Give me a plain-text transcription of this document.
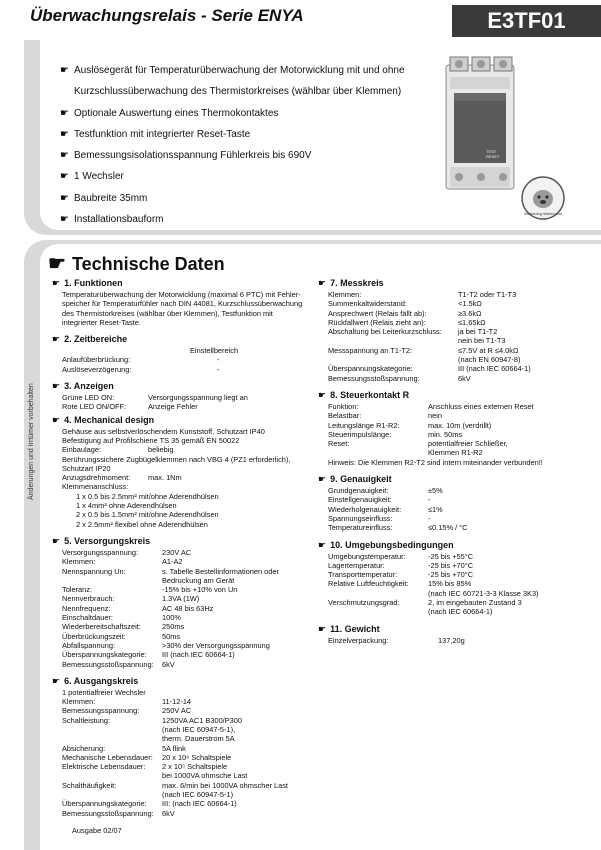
Überwachungsrelais - Serie ENYA	E3TF01
☛ Auslösegerät für Temperaturüberwachung der Motorwicklung mit und ohne
Kurzschlussüberwachung des Thermistorkreises (wählbar über Klemmen)
☛ Optionale Auswertung eines Thermokontaktes
☛ Testfunktion mit integrierter Reset-Taste
☛ Bemessungsisolationsspannung Fühlerkreis bis 690V
☛ 1 Wechsler
☛ Baubreite 35mm
☛ Installationsbauform
TEST
RESET
Watchdog-World.com
☛ Technische Daten
Änderungen und Irrtümer vorbehalten
☛ 1. Funktionen
Temperaturüberwachung der Motorwicklung (maximal 6 PTC) mit Fehler-
speicher für Temperaturfühler nach DIN 44081, Kurzschlussüberwachung
des Thermistorkreises (wählbar über Klemmen), Testfunktion mit
integrierter Reset-Taste.
☛ 2. Zeitbereiche
Einstellbereich
Anlaufüberbrückung:	-
Auslöseverzögerung:	-
☛ 3. Anzeigen
Grüne LED ON:	Versorgungsspannung liegt an
Rote LED ON/OFF:	Anzeige Fehler
☛ 4. Mechanical design
Gehäuse aus selbstverlöschendem Kunststoff, Schutzart IP40
Befestigung auf Profilschiene TS 35 gemäß EN 50022
Einbaulage:	beliebig
Berührungssichere Zugbügelklemmen nach VBG 4 (PZ1 erforderlich),
Schutzart IP20
Anzugsdrehmoment: max. 1Nm
Klemmenanschluss:
1 x 0.5 bis 2.5mm² mit/ohne Aderendhülsen
1 x 4mm² ohne Aderendhülsen
2 x 0.5 bis 1.5mm² mit/ohne Aderendhülsen
2 x 2.5mm² flexibel ohne Aderendhülsen
☛ 5. Versorgungskreis
Versorgungsspannung:	230V AC
Klemmen:	A1-A2
Nennspannung Un:	s. Tabelle Bestellinformationen oder
Bedruckung am Gerät

Toleranz:	-15% bis +10% von Un
Nennverbrauch:	1.3VA (1W)
Nennfrequenz:	AC 48 bis 63Hz
Einschaltdauer:	100%
Wiederbereitschaftszeit:	250ms
Überbrückungszeit:	50ms
Abfallspannung:	>30% der Versorgungsspannung
Überspannungskategorie: III (nach IEC 60664-1)
Bemessungsstoßspannung: 6kV
☛ 6. Ausgangskreis
1 potentialfreier Wechsler
Klemmen:	11-12-14
Bemessungsspannung:	250V AC
Schaltleistung:	1250VA AC1 B300/P300
(nach IEC 60947-5-1),

therm. Dauerstrom 5A

Absicherung:	5A flink
Mechanische Lebensdauer: 20 x 10⁶ Schaltspiele
Elektrische Lebensdauer: 2 x 10⁵ Schaltspiele
bei 1000VA ohmsche Last

Schalthäufigkeit:	max. 6/min bei 1000VA ohmscher Last
(nach IEC 60947-5-1)

Überspannungskategorie: III: (nach IEC 60664-1)
Bemessungsstoßspannung: 6kV
☛ 7. Messkreis
Klemmen:	T1-T2 oder T1-T3
Summenkaltwiderstand:	<1.5kΩ
Ansprechwert (Relais fällt ab):	≥3.6kΩ
Rückfallwert (Relais zieht an):	≤1.65kΩ
Abschaltung bei Leiterkurzschluss: ja bei T1-T2
nein bei T1-T3

Messspannung an T1-T2:	≤7.5V at R ≤4.0kΩ
(nach EN 60947-8)

Überspannungskategorie:	III (nach IEC 60664-1)
Bemessungsstoßspannung:	6kV
☛ 8. Steuerkontakt R
Funktion:	Anschluss eines externen Reset
Belastbar:	nein
Leitungslänge R1-R2:	max. 10m (verdrillt)
Steuerimpulslänge:	min. 50ms
Reset:	potentialfreier Schließer,
Klemmen R1-R2

Hinweis: Die Klemmen R2-T2 sind intern miteinander verbunden!!
☛ 9. Genauigkeit
Grundgenauigkeit:	±5%
Einstellgenauigkeit:	-
Wiederholgenauigkeit:	≤1%
Spannungseinfluss:	-
Temperatureinfluss:	≤0.15% / °C
☛ 10. Umgebungsbedingungen
Umgebungstemperatur:	-25 bis +55°C
Lagertemperatur:	-25 bis +70°C
Transporttemperatur:	-25 bis +70°C
Relative Luftfeuchtigkeit:	15% bis 85%
(nach IEC 60721-3-3 Klasse 3K3)

Verschmutzungsgrad:	2, im eingebauten Zustand 3
(nach IEC 60664-1)

☛ 11. Gewicht
Einzelverpackung:	137,20g
Ausgabe 02/07
